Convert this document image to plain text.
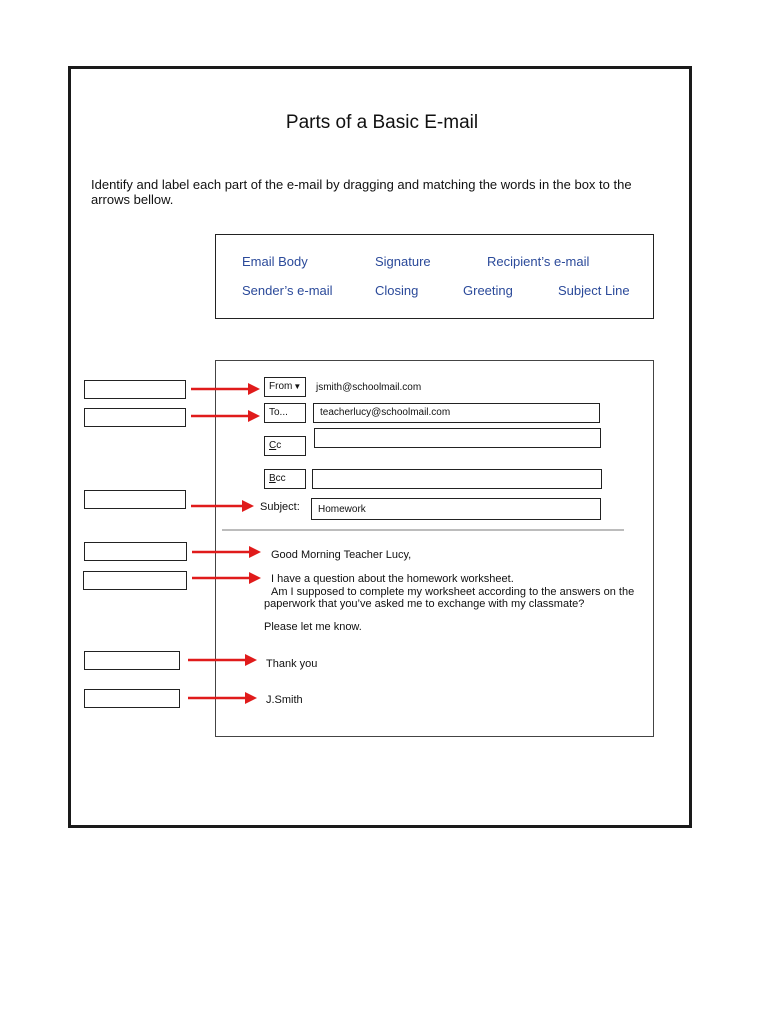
Parts of a Basic E-mail
Identify and label each part of the e-mail by dragging and matching the words in the box to the arrows bellow.
Email Body	Signature	Recipient’s e-mail
Sender’s e-mail	Closing	Greeting	Subject Line
From▼	jsmith@schoolmail.com
To...	teacherlucy@schoolmail.com
Cc
Bcc
Subject:	Homework
Good Morning Teacher Lucy,
I have a question about the homework worksheet.
Am I supposed to complete my worksheet according to the answers on the
paperwork that you’ve asked me to exchange with my classmate?
Please let me know.
Thank you
J.Smith
